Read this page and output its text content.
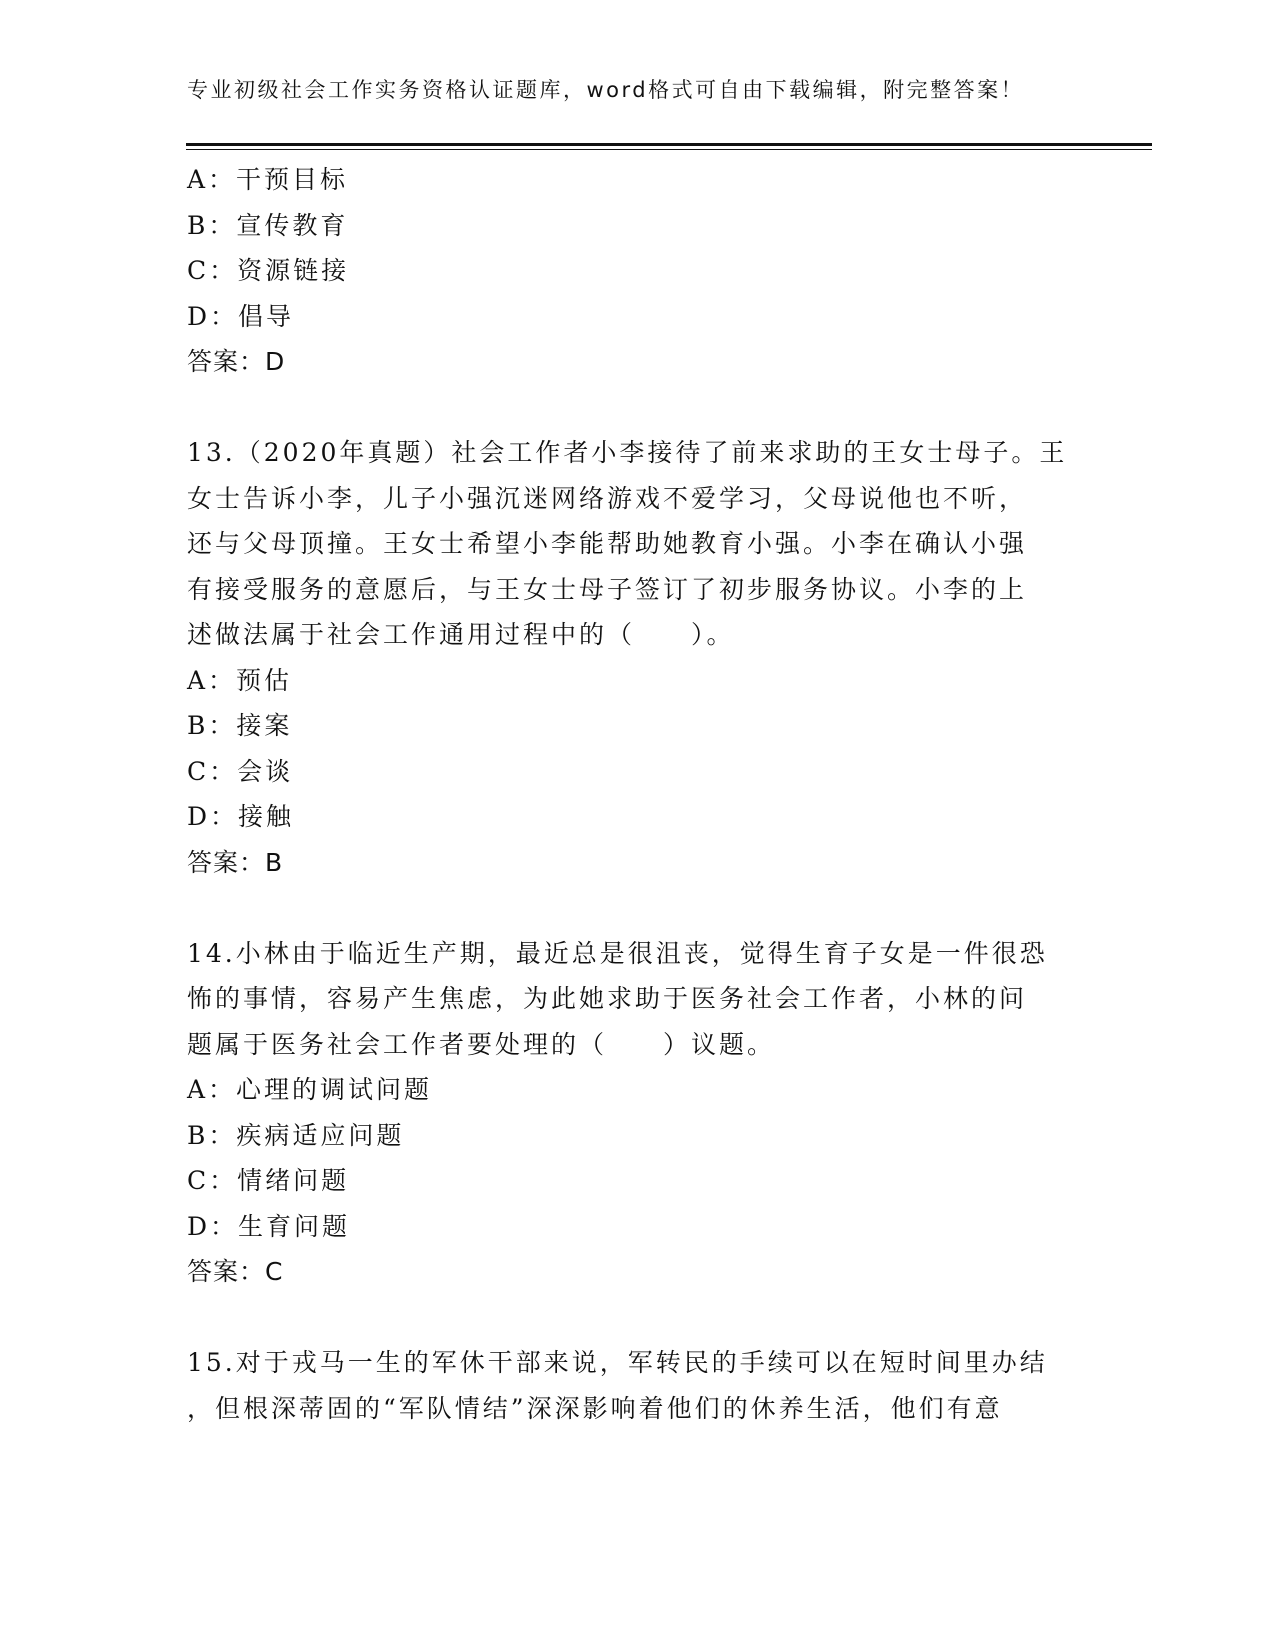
专业初级社会工作实务资格认证题库，word格式可自由下载编辑，附完整答案！
A：干预目标
B：宣传教育
C：资源链接
D：倡导
答案：D
13.（2020年真题）社会工作者小李接待了前来求助的王女士母子。王
女士告诉小李，儿子小强沉迷网络游戏不爱学习，父母说他也不听，
还与父母顶撞。王女士希望小李能帮助她教育小强。小李在确认小强
有接受服务的意愿后，与王女士母子签订了初步服务协议。小李的上
述做法属于社会工作通用过程中的（　　）。
A：预估
B：接案
C：会谈
D：接触
答案：B
14.小林由于临近生产期，最近总是很沮丧，觉得生育子女是一件很恐
怖的事情，容易产生焦虑，为此她求助于医务社会工作者，小林的问
题属于医务社会工作者要处理的（　　）议题。
A：心理的调试问题
B：疾病适应问题
C：情绪问题
D：生育问题
答案：C
15.对于戎马一生的军休干部来说，军转民的手续可以在短时间里办结
，但根深蒂固的“军队情结”深深影响着他们的休养生活，他们有意
